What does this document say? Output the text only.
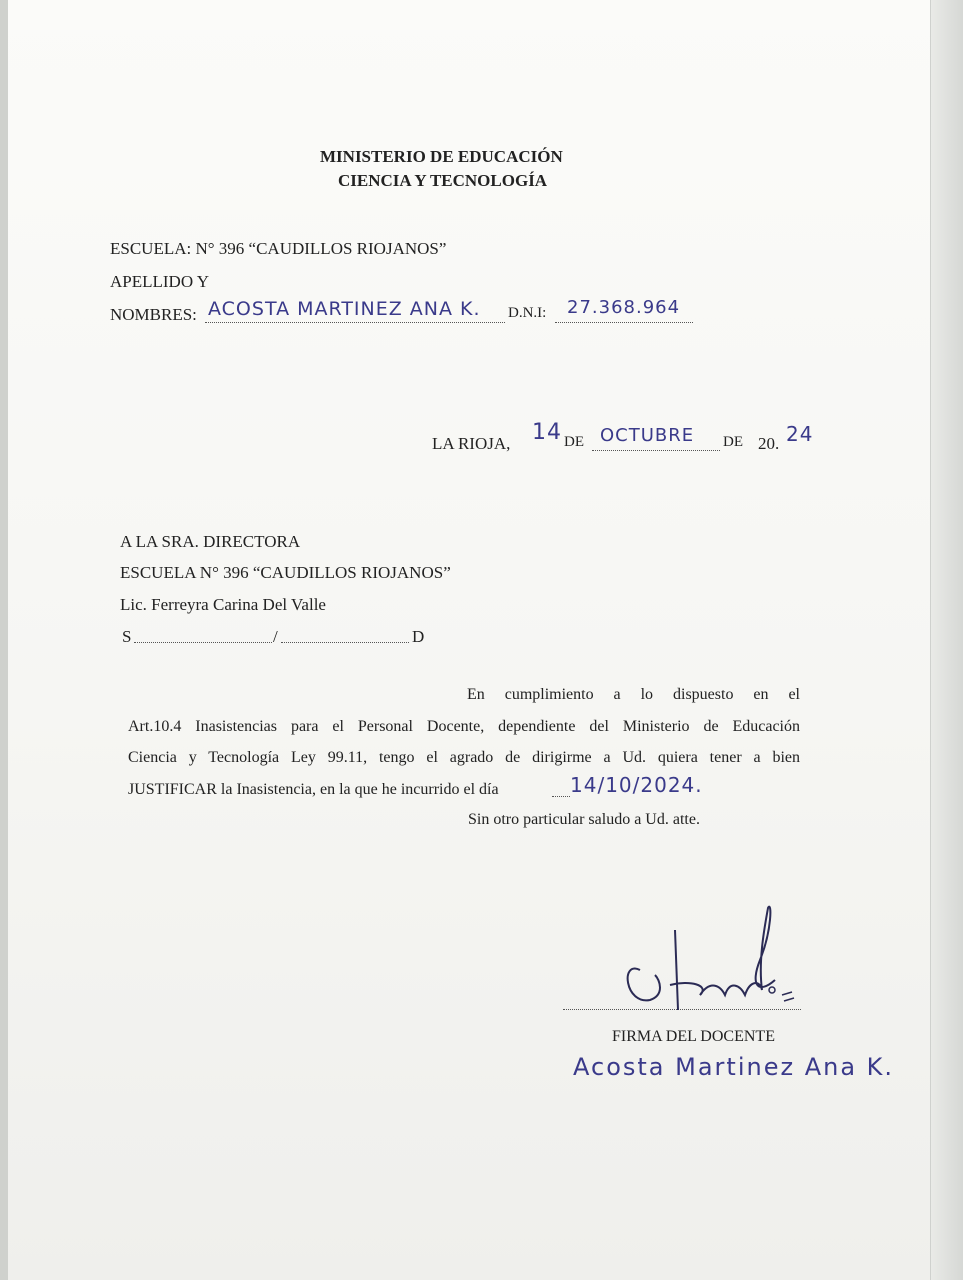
MINISTERIO DE EDUCACIÓN
CIENCIA Y TECNOLOGÍA
ESCUELA: N° 396 “CAUDILLOS RIOJANOS”
APELLIDO Y
NOMBRES: ACOSTA MARTINEZ ANA K. D.N.I: 27.368.964
LA RIOJA, 14 DE OCTUBRE DE 20. 24
A LA SRA. DIRECTORA
ESCUELA N° 396 “CAUDILLOS RIOJANOS”
Lic. Ferreyra Carina Del Valle
S	/	D
En cumplimiento a lo dispuesto en el
Art.10.4 Inasistencias para el Personal Docente, dependiente del Ministerio de Educación
Ciencia y Tecnología Ley 99.11, tengo el agrado de dirigirme a Ud. quiera tener a bien
JUSTIFICAR la Inasistencia, en la que he incurrido el día	14/10/2024.
Sin otro particular saludo a Ud. atte.
FIRMA DEL DOCENTE
Acosta Martinez Ana K.
